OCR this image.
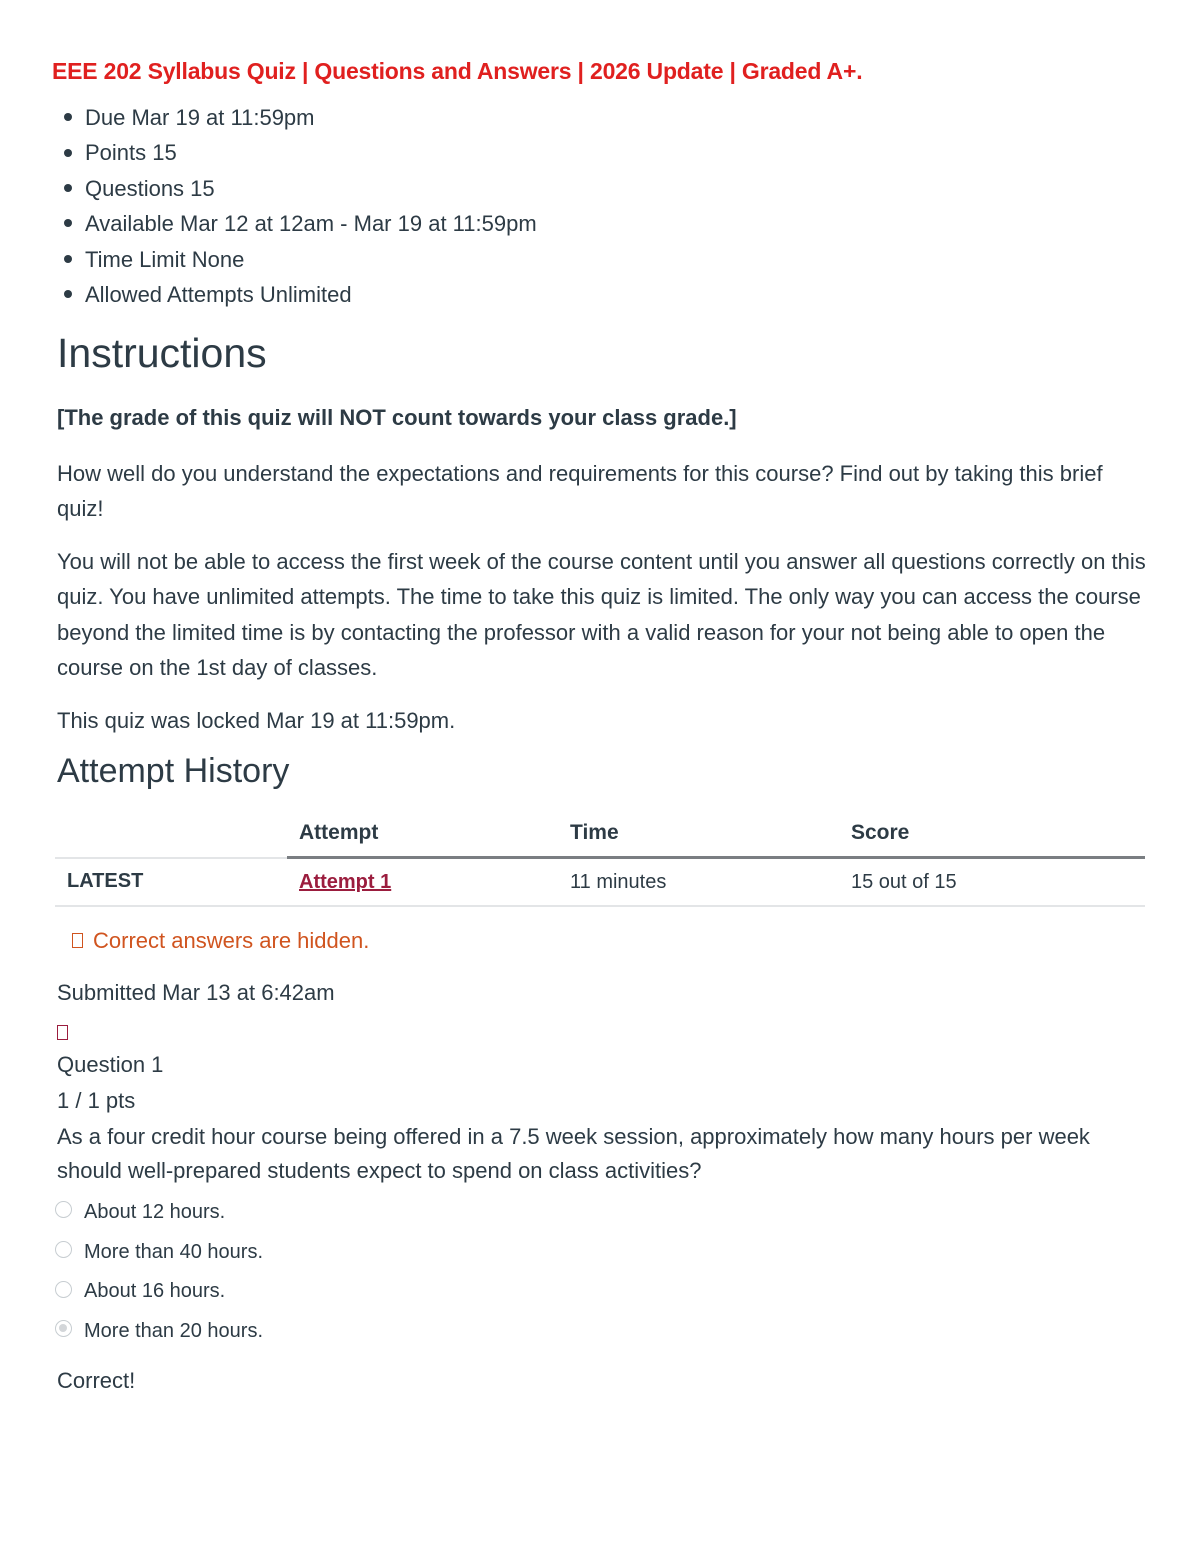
EEE 202 Syllabus Quiz | Questions and Answers | 2026 Update | Graded A+.
Due Mar 19 at 11:59pm
Points 15
Questions 15
Available Mar 12 at 12am - Mar 19 at 11:59pm
Time Limit None
Allowed Attempts Unlimited
Instructions

[The grade of this quiz will NOT count towards your class grade.]

How well do you understand the expectations and requirements for this course? Find out by taking this brief quiz!

You will not be able to access the first week of the course content until you answer all questions correctly on this quiz. You have unlimited attempts. The time to take this quiz is limited. The only way you can access the course beyond the limited time is by contacting the professor with a valid reason for your not being able to open the course on the 1st day of classes.

This quiz was locked Mar 19 at 11:59pm.

Attempt History
	Attempt	Time	Score
LATEST	Attempt 1	11 minutes	15 out of 15
Correct answers are hidden.
Submitted Mar 13 at 6:42am
Question 1
1 / 1 pts

As a four credit hour course being offered in a 7.5 week session, approximately how many hours per week should well-prepared students expect to spend on class activities?

About 12 hours.
More than 40 hours.
About 16 hours.
More than 20 hours.
Correct!
